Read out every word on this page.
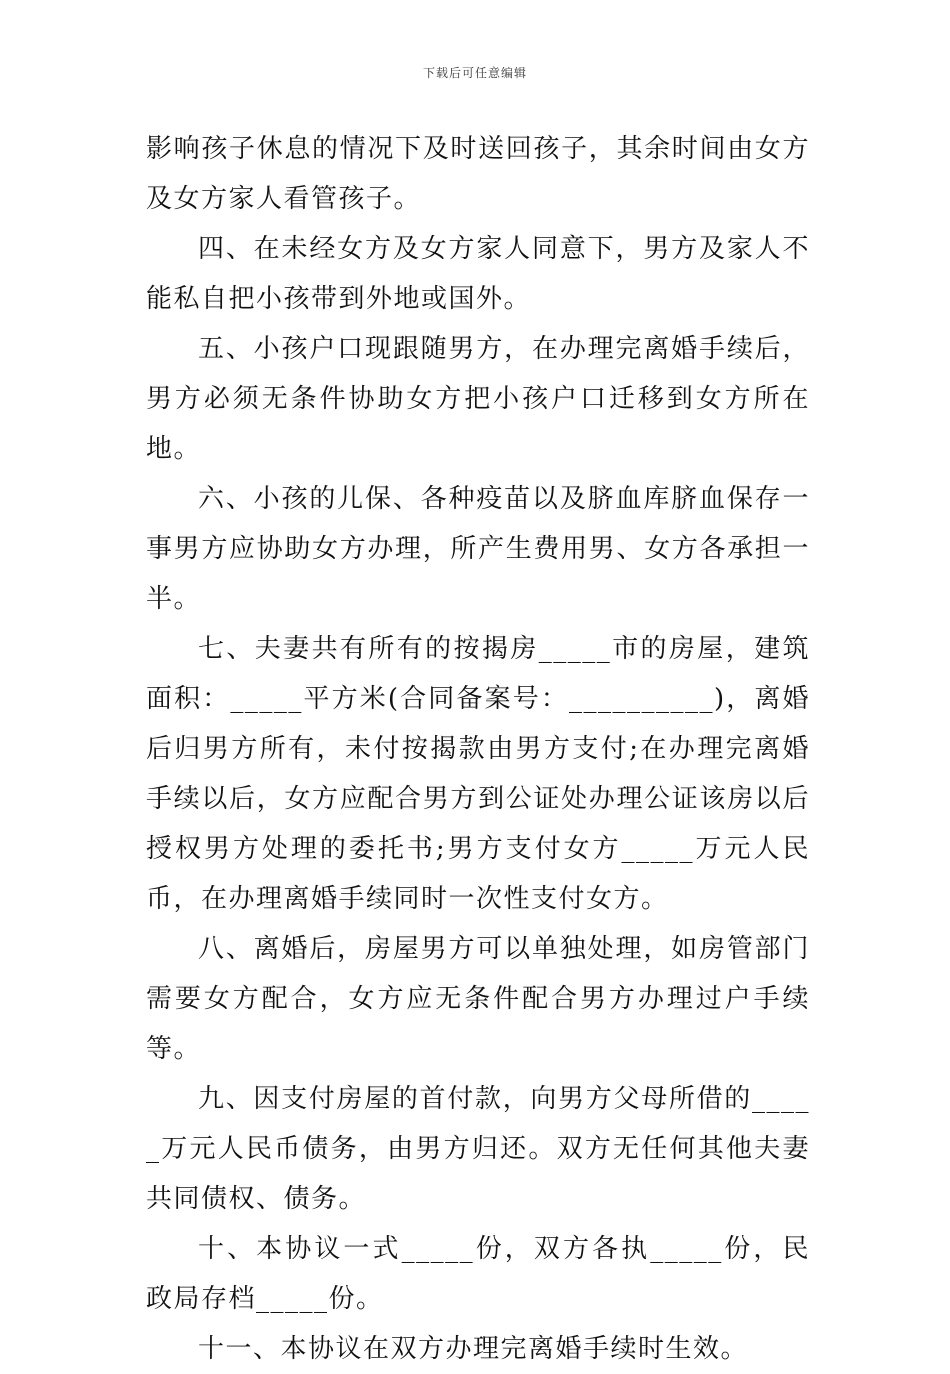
下载后可任意编辑

影响孩子休息的情况下及时送回孩子，其余时间由女方及女方家人看管孩子。

四、在未经女方及女方家人同意下，男方及家人不能私自把小孩带到外地或国外。

五、小孩户口现跟随男方，在办理完离婚手续后，男方必须无条件协助女方把小孩户口迁移到女方所在地。

六、小孩的儿保、各种疫苗以及脐血库脐血保存一事男方应协助女方办理，所产生费用男、女方各承担一半。

七、夫妻共有所有的按揭房_____市的房屋，建筑面积：_____平方米(合同备案号：__________)，离婚后归男方所有，未付按揭款由男方支付;在办理完离婚手续以后，女方应配合男方到公证处办理公证该房以后授权男方处理的委托书;男方支付女方_____万元人民币，在办理离婚手续同时一次性支付女方。

八、离婚后，房屋男方可以单独处理，如房管部门需要女方配合，女方应无条件配合男方办理过户手续等。

九、因支付房屋的首付款，向男方父母所借的_____万元人民币债务，由男方归还。双方无任何其他夫妻共同债权、债务。

十、本协议一式_____份，双方各执_____份，民政局存档_____份。

十一、本协议在双方办理完离婚手续时生效。
